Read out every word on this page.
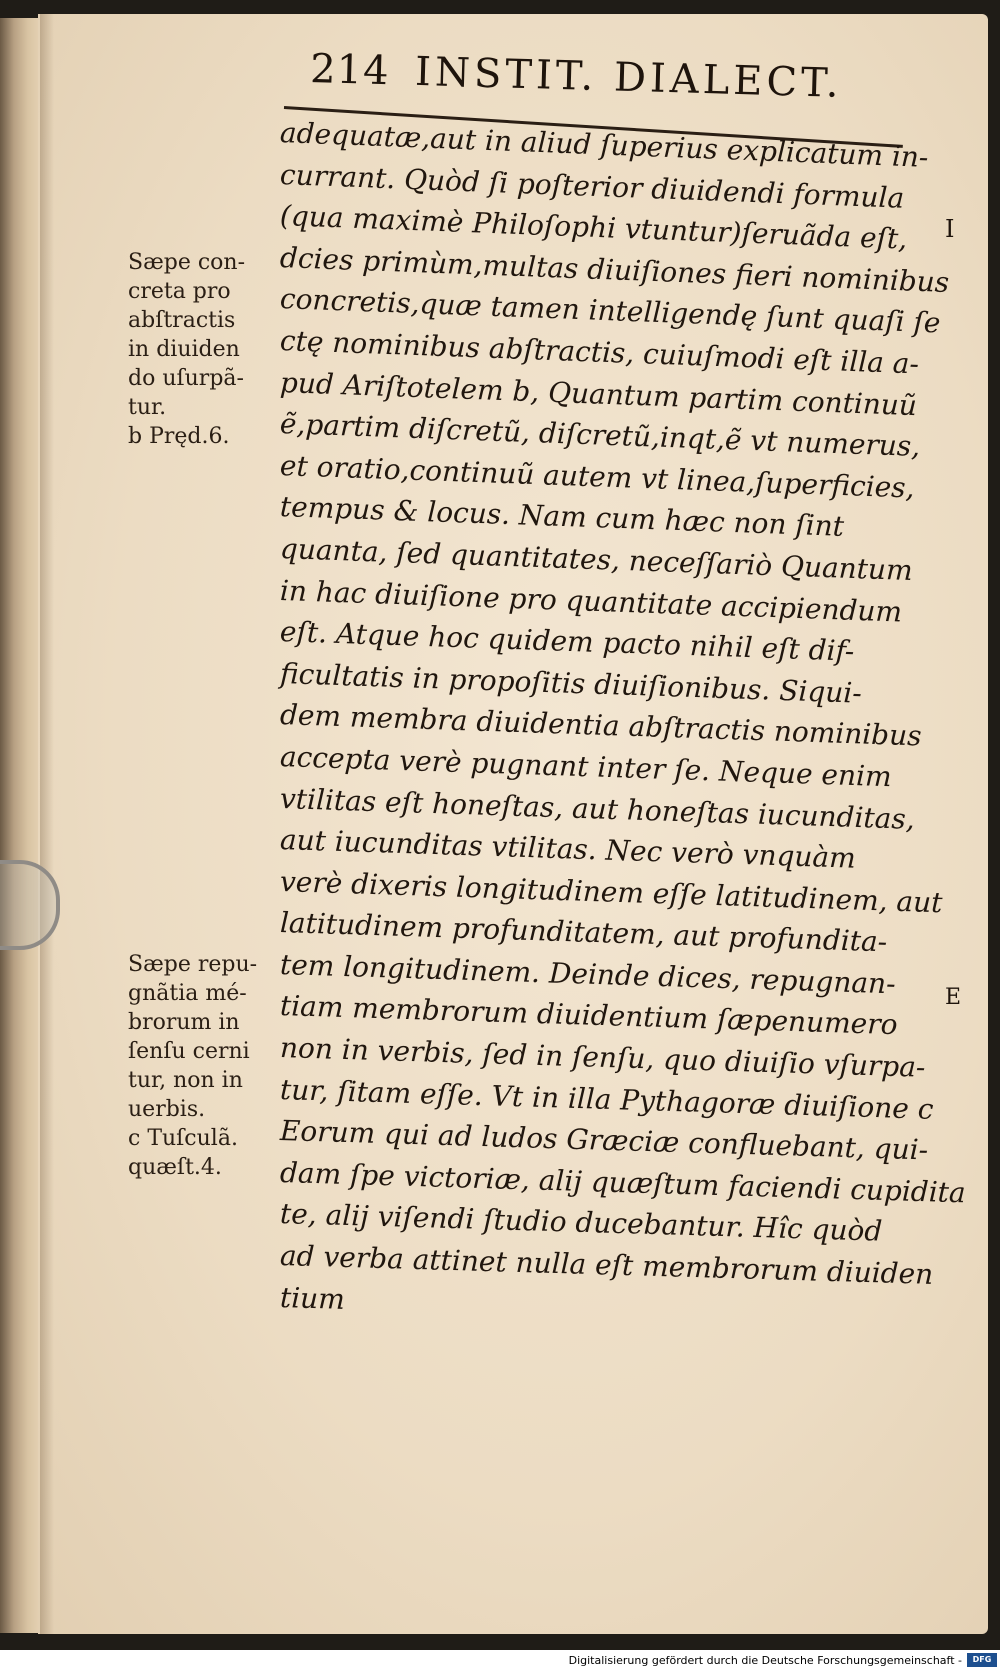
214 INSTIT. DIALECT.
adequatæ,aut in aliud ſuperius explicatum in-
currant. Quòd ſi poſterior diuidendi formula
(qua maximè Philoſophi vtuntur)ſeruãda eſt,
dcies primùm,multas diuiſiones fieri nominibus
concretis,quæ tamen intelligendę ſunt quaſi ſe
ctę nominibus abſtractis, cuiuſmodi eſt illa a-
pud Ariſtotelem b, Quantum partim continuũ
ẽ,partim diſcretũ, diſcretũ,inqt,ẽ vt numerus,
et oratio,continuũ autem vt linea,ſuperficies,
tempus & locus. Nam cum hæc non ſint
quanta, ſed quantitates, neceſſariò Quantum
in hac diuiſione pro quantitate accipiendum
eſt. Atque hoc quidem pacto nihil eſt dif-
ficultatis in propoſitis diuiſionibus. Siqui-
dem membra diuidentia abſtractis nominibus
accepta verè pugnant inter ſe. Neque enim
vtilitas eſt honeſtas, aut honeſtas iucunditas,
aut iucunditas vtilitas. Nec verò vnquàm
verè dixeris longitudinem eſſe latitudinem, aut
latitudinem profunditatem, aut profundita-
tem longitudinem. Deinde dices, repugnan-
tiam membrorum diuidentium ſæpenumero
non in verbis, ſed in ſenſu, quo diuiſio vſurpa-
tur, ſitam eſſe. Vt in illa Pythagoræ diuiſione c
Eorum qui ad ludos Græciæ confluebant, qui-
dam ſpe victoriæ, alij quæſtum faciendi cupidita
te, alij viſendi ſtudio ducebantur. Hîc quòd
ad verba attinet nulla eſt membrorum diuiden
tium
Sæpe con-
creta pro
abſtractis
in diuiden
do uſurpã-
tur.
b Pręd.6.
Sæpe repu-
gnãtia mé-
brorum in
ſenſu cerni
tur, non in
uerbis.
c Tuſculã.
quæſt.4.
I
E
Digitalisierung gefördert durch die Deutsche Forschungsgemeinschaft -	DFG
